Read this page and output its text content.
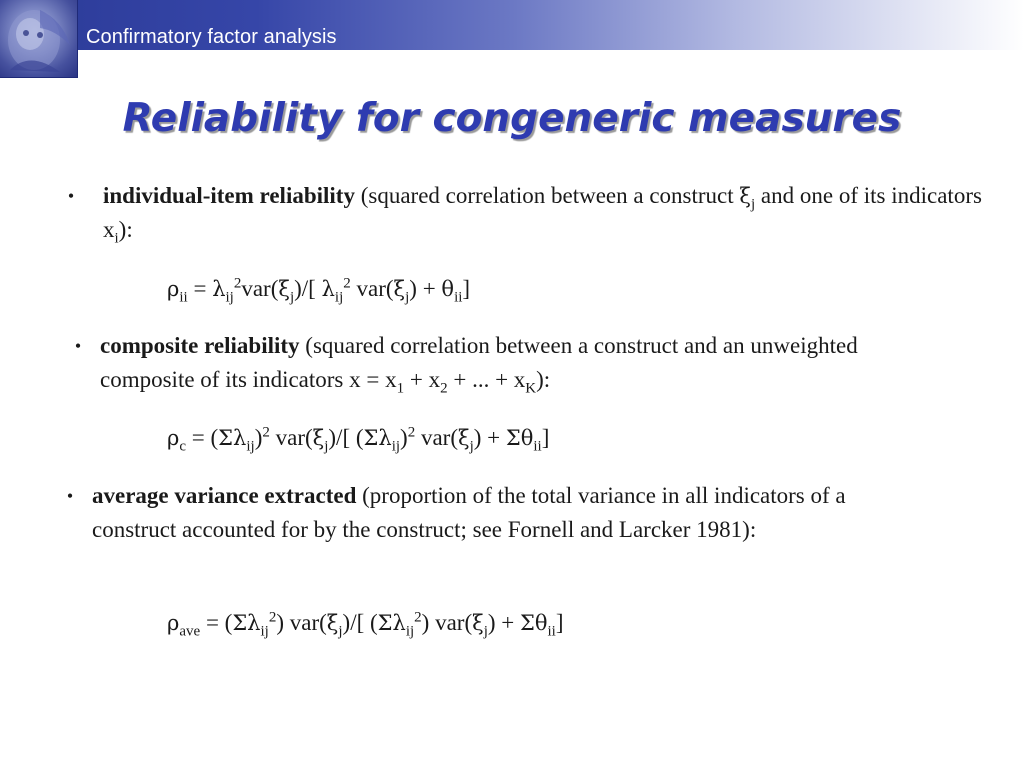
Confirmatory factor analysis
Reliability for congeneric measures
• individual-item reliability (squared correlation between a construct $\xi_j$ and one of its indicators $x_i$):
$\rho_{ii} = \lambda_{ij}^2var(\xi_j)/$[ $\lambda_{ij}^2$ $var(\xi_j) + \theta_{ii}$]
• composite reliability (squared correlation between a construct and an unweighted composite of its indicators $x = x_1 + x_2$ + ... + $x_K$):
$\rho_c = (\Sigma\lambda_{ij})^2$ $var(\xi_j)/$[ $(\Sigma\lambda_{ij})^2$ $var(\xi_j) + \Sigma\theta_{ii}$]
• average variance extracted (proportion of the total variance in all indicators of a construct accounted for by the construct; see Fornell and Larcker 1981):
$\rho_{ave} = (\Sigma\lambda_{ij}^2)$ $var(\xi_j)/$[ $(\Sigma\lambda_{ij}^2) var(\xi_j) + \Sigma\theta_{ii}$]
